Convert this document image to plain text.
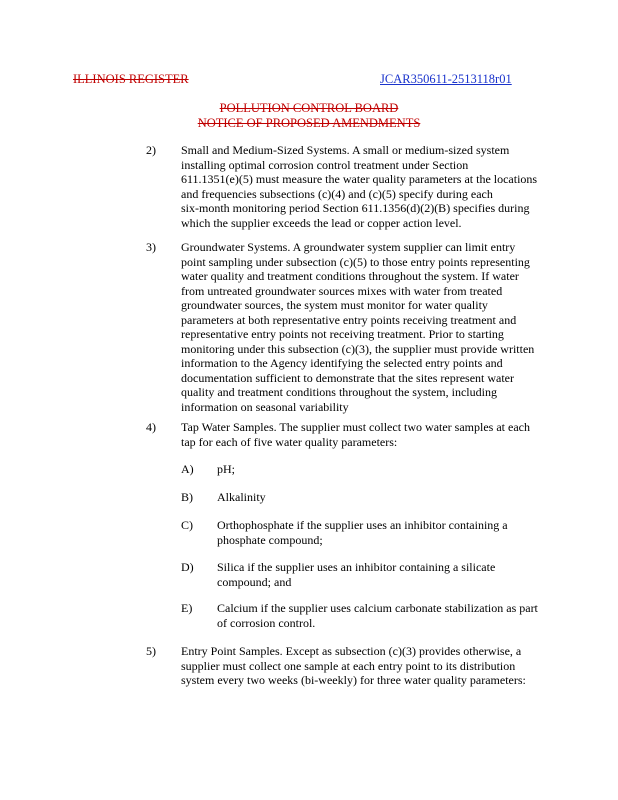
ILLINOIS REGISTER	JCAR350611-2513118r01
POLLUTION CONTROL BOARD
NOTICE OF PROPOSED AMENDMENTS
2) Small and Medium-Sized Systems. A small or medium-sized system
installing optimal corrosion control treatment under Section
611.1351(e)(5) must measure the water quality parameters at the locations
and frequencies subsections (c)(4) and (c)(5) specify during each
six-month monitoring period Section 611.1356(d)(2)(B) specifies during
which the supplier exceeds the lead or copper action level.
3) Groundwater Systems. A groundwater system supplier can limit entry
point sampling under subsection (c)(5) to those entry points representing
water quality and treatment conditions throughout the system. If water
from untreated groundwater sources mixes with water from treated
groundwater sources, the system must monitor for water quality
parameters at both representative entry points receiving treatment and
representative entry points not receiving treatment. Prior to starting
monitoring under this subsection (c)(3), the supplier must provide written
information to the Agency identifying the selected entry points and
documentation sufficient to demonstrate that the sites represent water
quality and treatment conditions throughout the system, including
information on seasonal variability
4) Tap Water Samples. The supplier must collect two water samples at each
tap for each of five water quality parameters:
A) pH;
B) Alkalinity
C) Orthophosphate if the supplier uses an inhibitor containing a
phosphate compound;
D) Silica if the supplier uses an inhibitor containing a silicate
compound; and
E) Calcium if the supplier uses calcium carbonate stabilization as part
of corrosion control.
5) Entry Point Samples. Except as subsection (c)(3) provides otherwise, a
supplier must collect one sample at each entry point to its distribution
system every two weeks (bi-weekly) for three water quality parameters:
